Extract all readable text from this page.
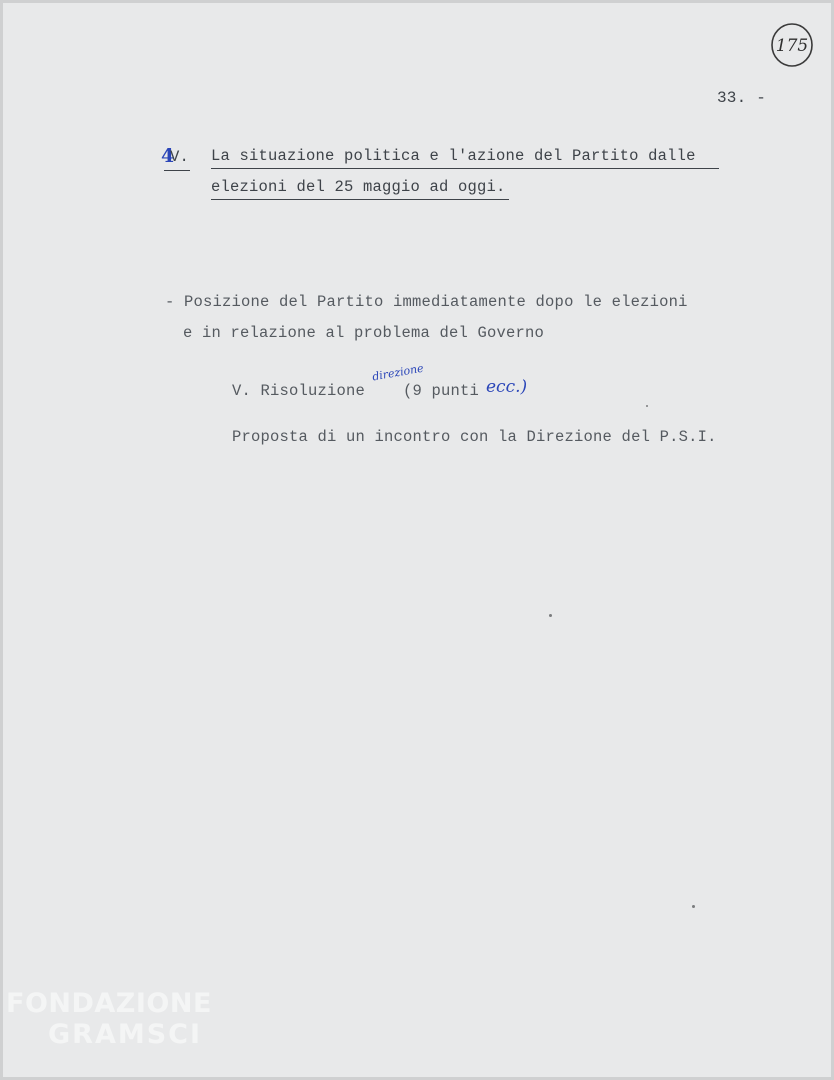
175
33. -
4
V. La situazione politica e l'azione del Partito dalle
elezioni del 25 maggio ad oggi.
- Posizione del Partito immediatamente dopo le elezioni
e in relazione al problema del Governo
V. Risoluzione
direzione
(9 punti ecc.)
Proposta di un incontro con la Direzione del P.S.I.
FONDAZIONE
GRAMSCI
